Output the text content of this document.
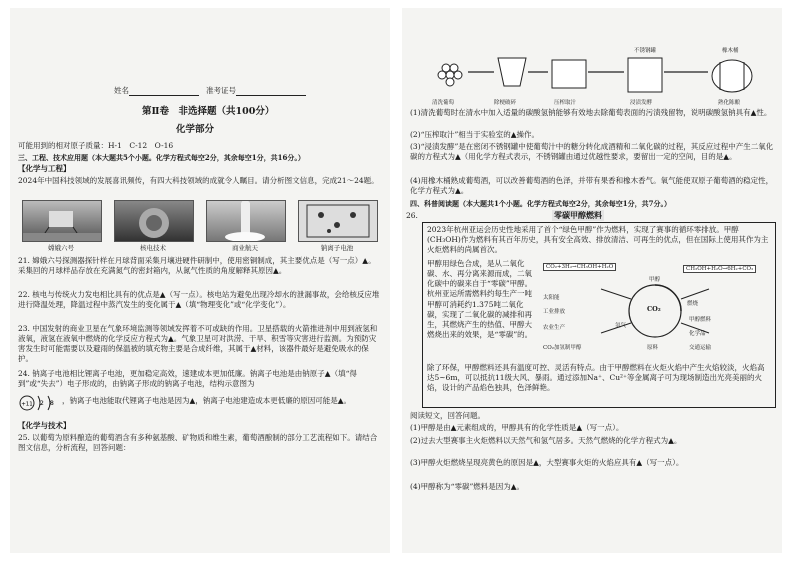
姓名	准考证号
第Ⅱ卷　非选择题（共100分）
化学部分
可能用到的相对原子质量：H-1　C-12　O-16
三、工程、技术应用题（本大题共5个小题。化学方程式每空2分，其余每空1分，共16分。）
【化学与工程】
2024年中国科技领域的发展喜讯频传，有四大科技领域的成就令人瞩目。请分析图文信息，完成21～24题。
嫦娥六号	核电技术	商业航天	钠离子电池
21. 嫦娥六号探测器探针样在月球背面采集月壤进硬件研制中，使用密铜制成，其主要优点是（写一点）▲。采集回的月球样品存放在充满氮气的密封箱内，从氮气性质的角度解释其原因▲。
22. 核电与传统火力发电相比具有的优点是▲（写一点）。核电站为避免出现冷却水的泄漏事故，会给核反应堆进行降温处理，降温过程中蒸汽发生的变化属于▲（填“物理变化”或“化学变化”）。
23. 中国发射的商业卫星在气象环境监测等领域发挥着不可或缺的作用。卫星搭载的火箭推进剂中用到液氢和液氧，液氢在液氧中燃烧的化学反应方程式为▲。气象卫星可对洪涝、干旱、积雪等灾害进行监测。为预防灾害发生时可能需要以及避雨的保温被的填充物主要是合成纤维，其属于▲材料，该器件最好是避免吸水的保护。
24. 钠离子电池相比锂离子电池，更加稳定高效，速建成本更加低廉。钠离子电池是由钠原子▲（填“得到”或“失去”）电子形成的，由钠离子形成的钠离子电池，结构示意图为
+11 2 8 ，钠离子电池能取代锂离子电池是因为▲，钠离子电池建造成本更低廉的原因可能是▲。
【化学与技术】
25. 以葡萄为原料酿造的葡萄酒含有多种氨基酸、矿物质和维生素，葡萄酒酿制的部分工艺流程如下。请结合图文信息，分析流程，回答问题：
不锈钢罐	橡木桶
清洗葡萄	除梗破碎	压榨取汁	浸渍发酵	熟化陈酿
(1)清洗葡萄时在清水中加入适量的碳酸氢钠能够有效地去除葡萄表面的污渍残留物，说明碳酸氢钠具有▲性。
(2)“压榨取汁”相当于实验室的▲操作。
(3)“浸渍发酵”是在密闭不锈钢罐中使葡萄汁中的糖分转化成酒精和二氧化碳的过程，其反应过程中产生二氧化碳的方程式为▲（用化学方程式表示，不锈钢罐由通过优越性要求，要留出一定的空间，目的是▲。
(4)用橡木桶熟成葡萄酒，可以改善葡萄酒的色泽，并带有果香和橡木香气。氧气能使双原子葡萄酒的稳定性，化学方程式为▲。
四、科普阅读题（本大题共1个小题。化学方程式每空2分，其余每空1分，共7分。）
26.	零碳甲醇燃料
2023年杭州亚运会历史性地采用了首个“绿色甲醇”作为燃料，实现了赛事的循环零排放。甲醇(CH₃OH)作为燃料有其百年历史，具有安全高效、排放清洁、可再生的优点，但在国际上使用其作为主火炬燃料的尚属首次。
甲醇用绿色合成，是从二氧化碳、水、再分离来源而成，二氧化碳中的碳来自于“零碳”甲醇。杭州亚运所需燃料约每生产一吨甲醇可消耗约1.375吨二氧化碳，实现了二氧化碳的减排和再生，其燃烧产生的热值、甲醇大燃烧出来的效果，是“零碳”的。
CO₂+3H₂→CH₃OH+H₂O	CH₃OH+H₂O→6H₂+CO₂
CO₂
甲醇
太阳能
工业排放
氢气
燃烧
农业生产
CO₂加氢制甲醇
甲醇燃料
化学品
原料	交通运输
除了环保，甲醇燃料还具有温度可控、灵活有特点。由于甲醇燃料在火炬火焰中产生火焰较淡，火焰高达5~6m，可以抵抗11级大风、暴雨。通过添加Na⁺、Cu²⁺等金属离子可为现场制造出光亮美丽的火焰，设计的产品焰色独具，色泽鲜艳。
阅读短文，回答问题。
(1)甲醇是由▲元素组成的，甲醇具有的化学性质是▲（写一点）。
(2)过去大型赛事主火炬燃料以天然气和氢气居多。天然气燃烧的化学方程式为▲。
(3)甲醇火炬燃烧呈现亮黄色的原因是▲，大型赛事火炬的火焰应具有▲（写一点）。
(4)甲醇称为“零碳”燃料是因为▲。
